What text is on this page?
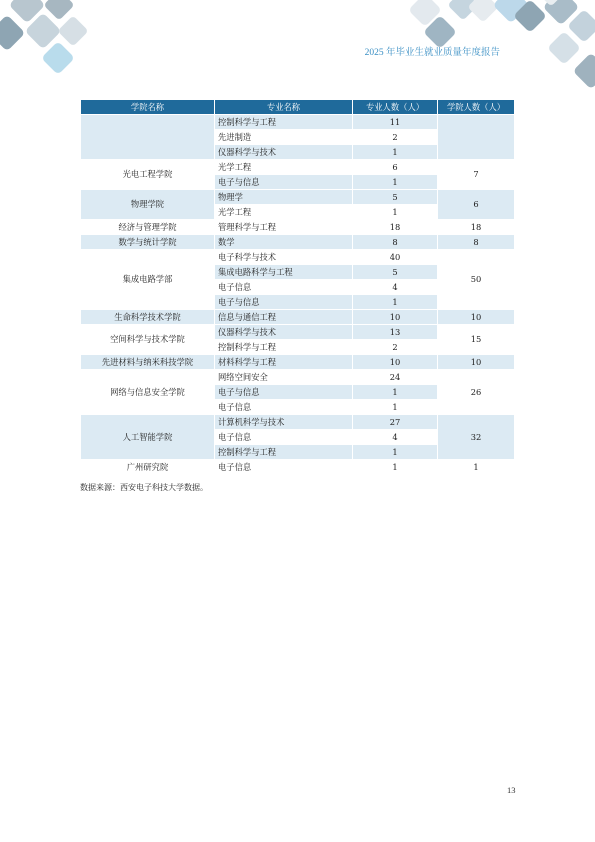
2025 年毕业生就业质量年度报告
学院名称	专业名称	专业人数（人）	学院人数（人）
	控制科学与工程	11	
	先进制造	2	
	仪器科学与技术	1	
光电工程学院	光学工程	6	7
	电子与信息	1	
物理学院	物理学	5	6
	光学工程	1	
经济与管理学院	管理科学与工程	18	18
数学与统计学院	数学	8	8
集成电路学部	电子科学与技术	40	50
	集成电路科学与工程	5	
	电子信息	4	
	电子与信息	1	
生命科学技术学院	信息与通信工程	10	10
空间科学与技术学院	仪器科学与技术	13	15
	控制科学与工程	2	
先进材料与纳米科技学院	材料科学与工程	10	10
网络与信息安全学院	网络空间安全	24	26
	电子与信息	1	
	电子信息	1	
人工智能学院	计算机科学与技术	27	32
	电子信息	4	
	控制科学与工程	1	
广州研究院	电子信息	1	1
数据来源：西安电子科技大学数据。
13
